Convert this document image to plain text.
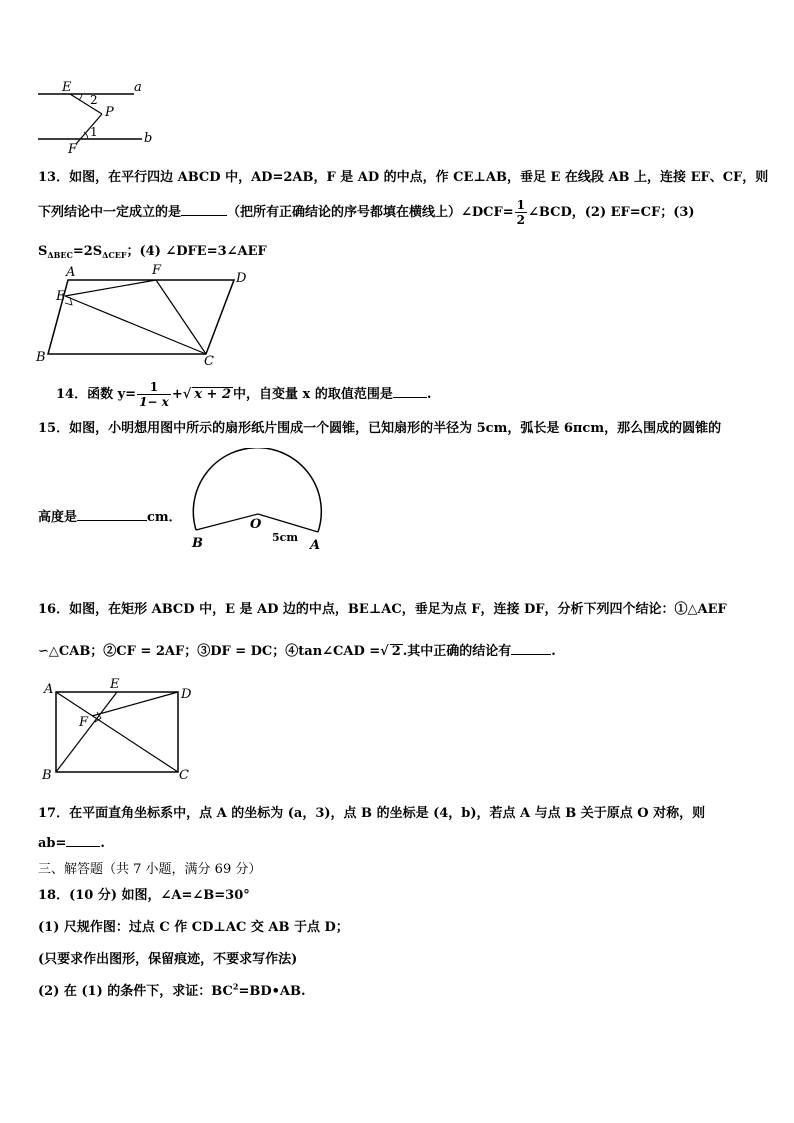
E	a
2
P
1	b
F
13．如图，在平行四边 ABCD 中，AD=2AB，F 是 AD 的中点，作 CE⊥AB，垂足 E 在线段 AB 上，连接 EF、CF，则
下列结论中一定成立的是	（把所有正确结论的序号都填在横线上）∠DCF= $\frac{1}{2}$ ∠BCD，(2) EF=CF；(3)
$S_{\Delta BEC}=2S_{\Delta CEF}$；(4) ∠DFE=3∠AEF
A	F
D
E
B	C
14．函数 $y= \frac{1}{1- x}$ +√ x + 2 中，自变量 x 的取值范围是	.
15．如图，小明想用图中所示的扇形纸片围成一个圆锥，已知扇形的半径为 5cm，弧长是 6πcm，那么围成的圆锥的
高度是	cm．	O
B	5cm
A
16．如图，在矩形 ABCD 中，E 是 AD 边的中点，BE⊥AC，垂足为点 F，连接 DF，分析下列四个结论：①△AEF
∽△CAB；②CF = 2AF；③DF = DC；④tan∠CAD =√ 2 .其中正确的结论有	.
A	E
D
F
B	C
17．在平面直角坐标系中，点 A 的坐标为 (a，3)，点 B 的坐标是 (4，b)，若点 A 与点 B 关于原点 O 对称，则
ab=	.
三、解答题（共 7 小题，满分 69 分）
18．(10 分) 如图，∠A=∠B=30°
(1) 尺规作图：过点 C 作 CD⊥AC 交 AB 于点 D；
(只要求作出图形，保留痕迹，不要求写作法)
(2) 在 (1) 的条件下，求证：$BC^2=BD•AB$.
